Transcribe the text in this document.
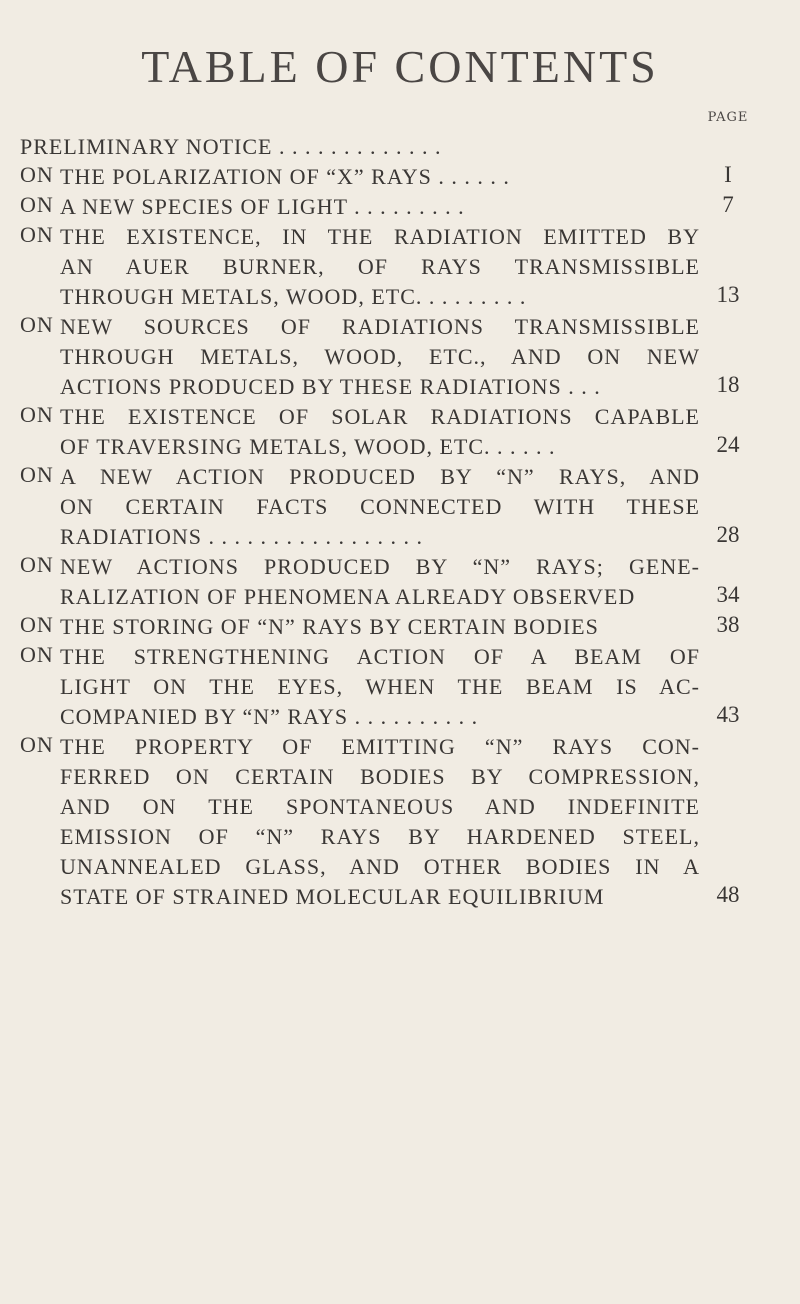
TABLE OF CONTENTS
PAGE
PRELIMINARY NOTICE . . . . . . . . . . . . .
ON THE POLARIZATION OF “X” RAYS . . . . . .	I
ON A NEW SPECIES OF LIGHT . . . . . . . . .	7
ON THE EXISTENCE, IN THE RADIATION EMITTED BY
AN AUER BURNER, OF RAYS TRANSMISSIBLE
THROUGH METALS, WOOD, ETC. . . . . . . . .	13
ON NEW SOURCES OF RADIATIONS TRANSMISSIBLE
THROUGH METALS, WOOD, ETC., AND ON NEW
ACTIONS PRODUCED BY THESE RADIATIONS . . .	18
ON THE EXISTENCE OF SOLAR RADIATIONS CAPABLE
OF TRAVERSING METALS, WOOD, ETC. . . . . .	24
ON A NEW ACTION PRODUCED BY “N” RAYS, AND
ON CERTAIN FACTS CONNECTED WITH THESE
RADIATIONS . . . . . . . . . . . . . . . . .	28
ON NEW ACTIONS PRODUCED BY “N” RAYS; GENE-
RALIZATION OF PHENOMENA ALREADY OBSERVED	34
ON THE STORING OF “N” RAYS BY CERTAIN BODIES	38
ON THE STRENGTHENING ACTION OF A BEAM OF
LIGHT ON THE EYES, WHEN THE BEAM IS AC-
COMPANIED BY “N” RAYS . . . . . . . . . .	43
ON THE PROPERTY OF EMITTING “N” RAYS CON-
FERRED ON CERTAIN BODIES BY COMPRESSION,
AND ON THE SPONTANEOUS AND INDEFINITE
EMISSION OF “N” RAYS BY HARDENED STEEL,
UNANNEALED GLASS, AND OTHER BODIES IN A
STATE OF STRAINED MOLECULAR EQUILIBRIUM	48
